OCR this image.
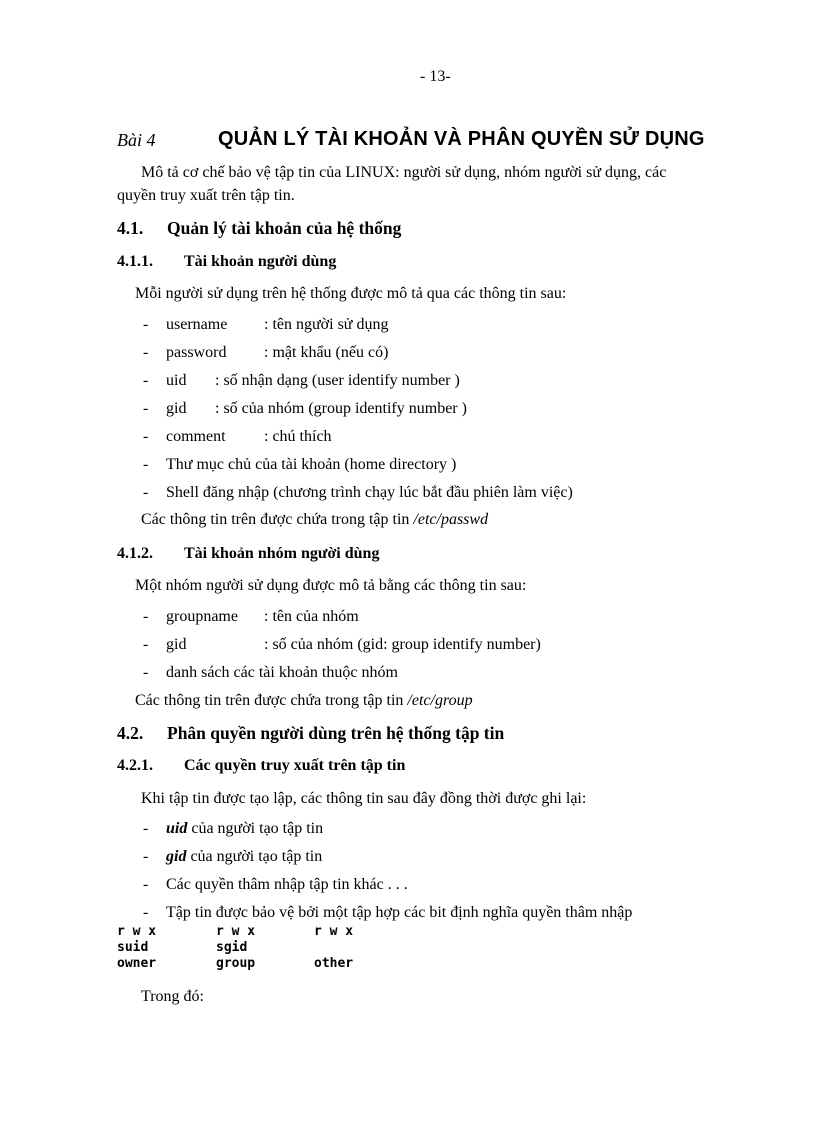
- 13-
Bài 4	QUẢN LÝ TÀI KHOẢN VÀ PHÂN QUYỀN SỬ DỤNG
Mô tả cơ chế bảo vệ tập tin của LINUX: người sử dụng, nhóm người sử dụng, các
quyền truy xuất trên tập tin.
4.1. Quản lý tài khoản của hệ thống
4.1.1. Tài khoản người dùng
Mỗi người sử dụng trên hệ thống được mô tả qua các thông tin sau:
- username : tên người sử dụng
- password : mật khẩu (nếu có)
- uid : số nhận dạng (user identify number )
- gid : số của nhóm (group identify number )
- comment : chú thích
- Thư mục chủ của tài khoản (home directory )
- Shell đăng nhập (chương trình chạy lúc bắt đầu phiên làm việc)
Các thông tin trên được chứa trong tập tin /etc/passwd
4.1.2. Tài khoản nhóm người dùng
Một nhóm người sử dụng được mô tả bằng các thông tin sau:
- groupname : tên của nhóm
- gid	: số của nhóm (gid: group identify number)
- danh sách các tài khoản thuộc nhóm
Các thông tin trên được chứa trong tập tin /etc/group
4.2. Phân quyền người dùng trên hệ thống tập tin
4.2.1. Các quyền truy xuất trên tập tin
Khi tập tin được tạo lập, các thông tin sau đây đồng thời được ghi lại:
- uid của người tạo tập tin
- gid của người tạo tập tin
- Các quyền thâm nhập tập tin khác . . .
- Tập tin được bảo vệ bởi một tập hợp các bit định nghĩa quyền thâm nhập
r w x	r w x	r w x
suid	sgid
owner	group	other
Trong đó:
